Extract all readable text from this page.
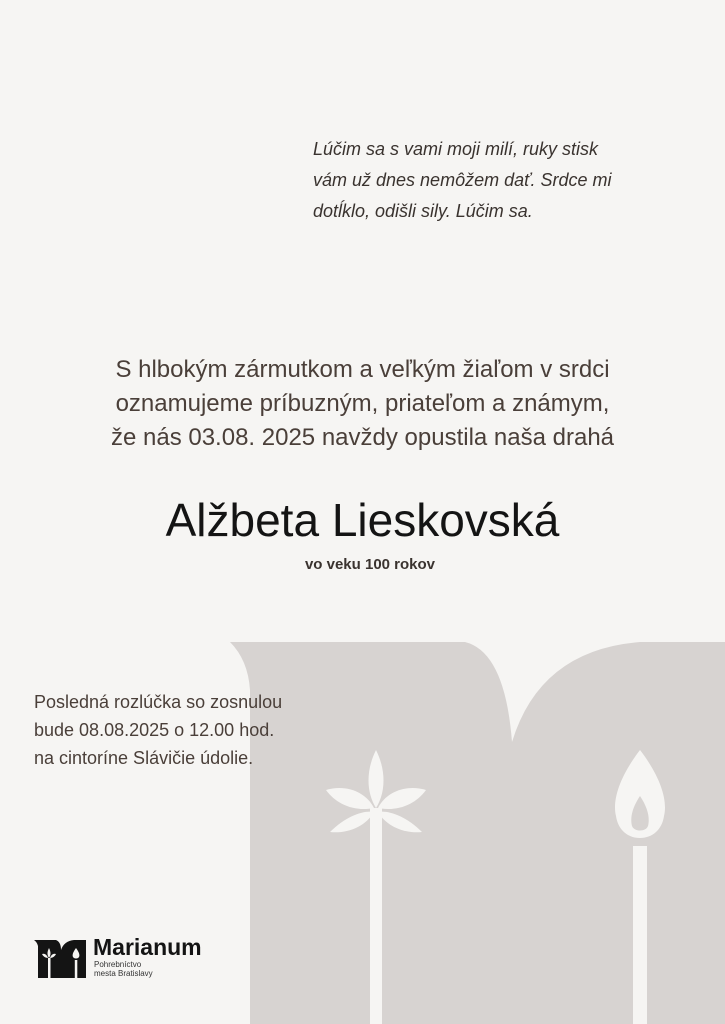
Lúčim sa s vami moji milí, ruky stisk
vám už dnes nemôžem dať. Srdce mi
dotĺklo, odišli sily. Lúčim sa.
S hlbokým zármutkom a veľkým žiaľom v srdci
oznamujeme príbuzným, priateľom a známym,
že nás 03.08. 2025 navždy opustila naša drahá
Alžbeta Lieskovská
vo veku 100 rokov
Posledná rozlúčka so zosnulou
bude 08.08.2025 o 12.00 hod.
na cintoríne Slávičie údolie.
Marianum
Pohrebníctvo
mesta Bratislavy
